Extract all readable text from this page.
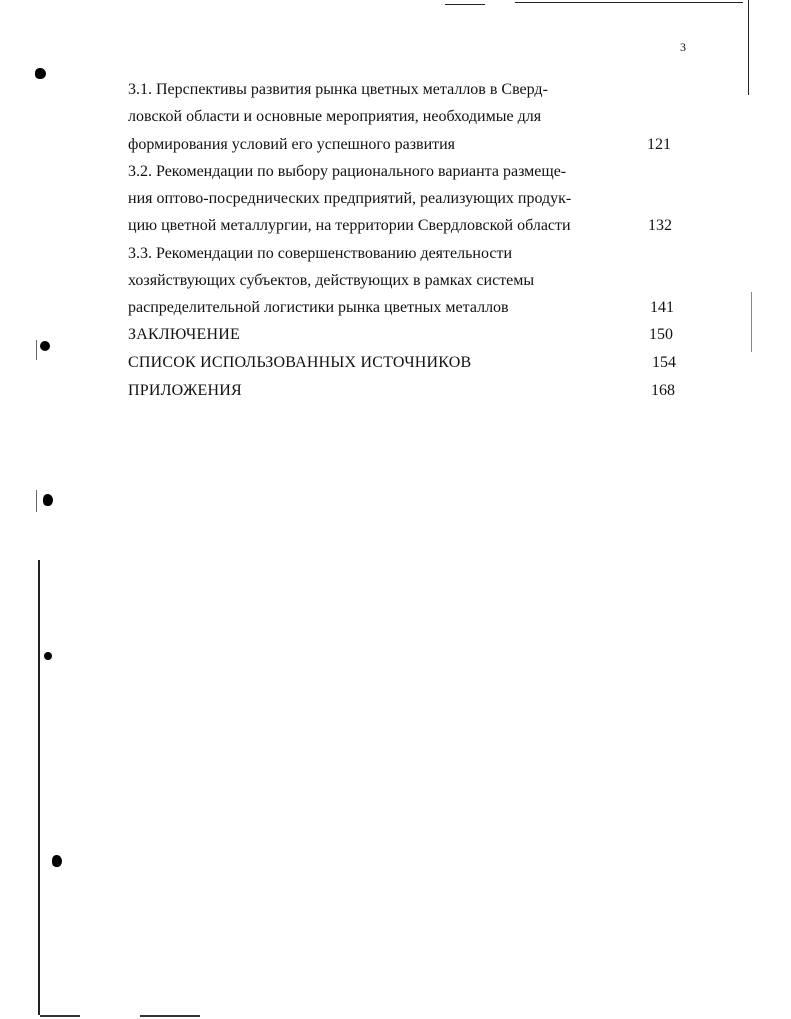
3
3.1. Перспективы развития рынка цветных металлов в Сверд-
ловской области и основные мероприятия, необходимые для
формирования условий его успешного развития	121
3.2. Рекомендации по выбору рационального варианта размеще-
ния оптово-посреднических предприятий, реализующих продук-
цию цветной металлургии, на территории Свердловской области	132
3.3. Рекомендации по совершенствованию деятельности
хозяйствующих субъектов, действующих в рамках системы
распределительной логистики рынка цветных металлов	141
ЗАКЛЮЧЕНИЕ	150
СПИСОК ИСПОЛЬЗОВАННЫХ ИСТОЧНИКОВ	154
ПРИЛОЖЕНИЯ	168
